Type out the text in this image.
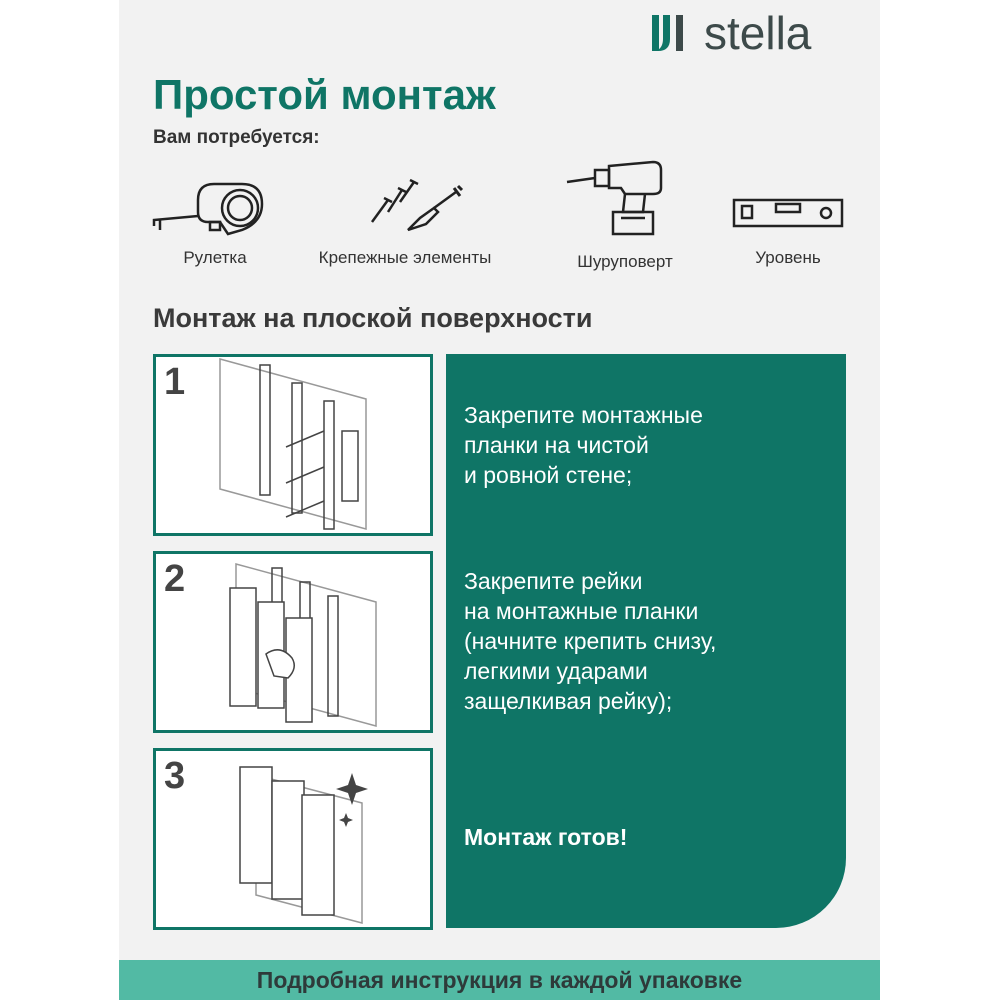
stella
Простой монтаж

Вам потребуется:

Рулетка	Крепежные элементы	Шуруповерт	Уровень
Монтаж на плоской поверхности
1
2
3

Закрепите монтажные
планки на чистой
и ровной стене;

Закрепите рейки
на монтажные планки
(начните крепить снизу,
легкими ударами
защелкивая рейку);

Монтаж готов!

Подробная инструкция в каждой упаковке
